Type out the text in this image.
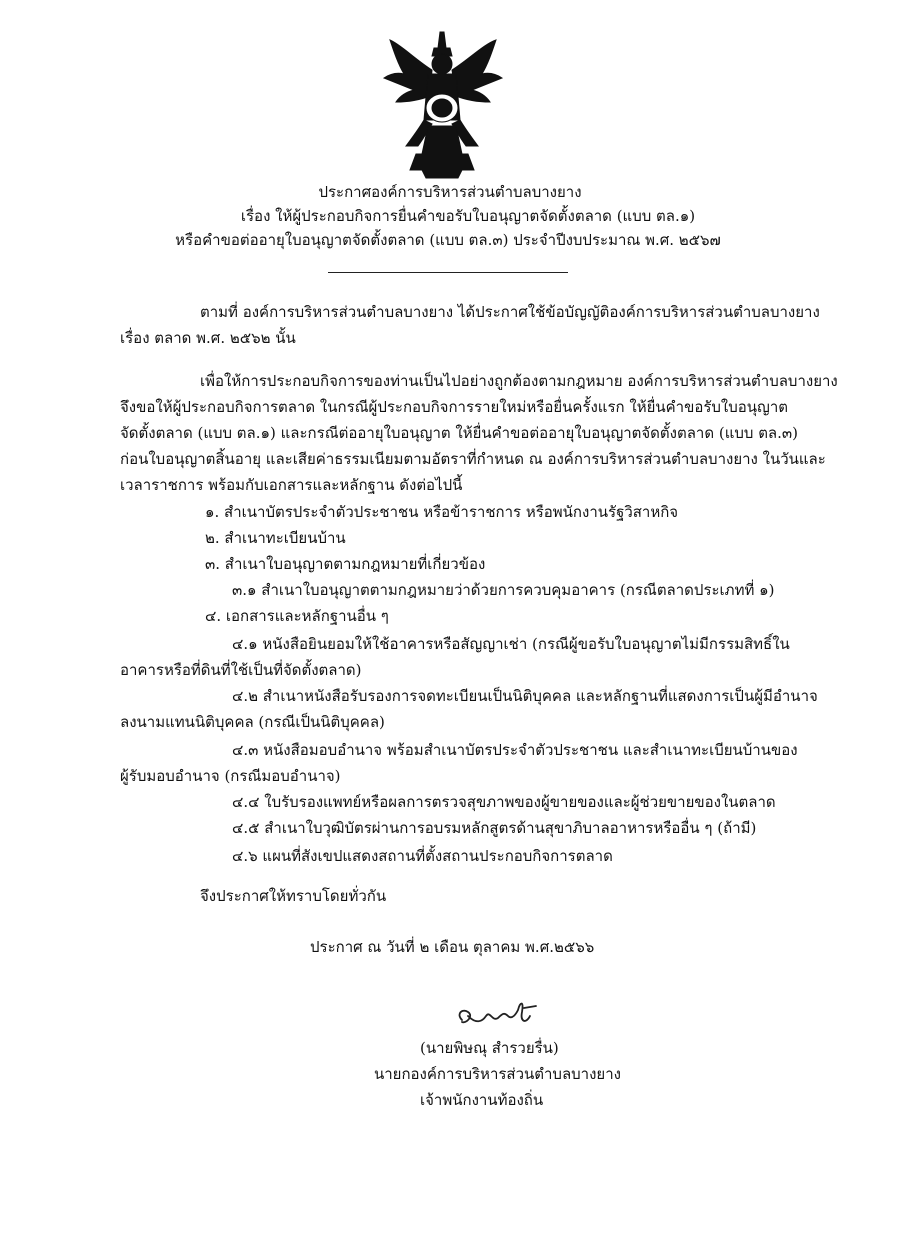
ประกาศองค์การบริหารส่วนตำบลบางยาง
เรื่อง ให้ผู้ประกอบกิจการยื่นคำขอรับใบอนุญาตจัดตั้งตลาด (แบบ ตล.๑)
หรือคำขอต่ออายุใบอนุญาตจัดตั้งตลาด (แบบ ตล.๓) ประจำปีงบประมาณ พ.ศ. ๒๕๖๗
ตามที่ องค์การบริหารส่วนตำบลบางยาง ได้ประกาศใช้ข้อบัญญัติองค์การบริหารส่วนตำบลบางยาง
เรื่อง ตลาด พ.ศ. ๒๕๖๒ นั้น
เพื่อให้การประกอบกิจการของท่านเป็นไปอย่างถูกต้องตามกฎหมาย องค์การบริหารส่วนตำบลบางยาง
จึงขอให้ผู้ประกอบกิจการตลาด ในกรณีผู้ประกอบกิจการรายใหม่หรือยื่นครั้งแรก ให้ยื่นคำขอรับใบอนุญาต
จัดตั้งตลาด (แบบ ตล.๑) และกรณีต่ออายุใบอนุญาต ให้ยื่นคำขอต่ออายุใบอนุญาตจัดตั้งตลาด (แบบ ตล.๓)
ก่อนใบอนุญาตสิ้นอายุ และเสียค่าธรรมเนียมตามอัตราที่กำหนด ณ องค์การบริหารส่วนตำบลบางยาง ในวันและ
เวลาราชการ พร้อมกับเอกสารและหลักฐาน ดังต่อไปนี้
๑. สำเนาบัตรประจำตัวประชาชน หรือข้าราชการ หรือพนักงานรัฐวิสาหกิจ
๒. สำเนาทะเบียนบ้าน
๓. สำเนาใบอนุญาตตามกฎหมายที่เกี่ยวข้อง
๓.๑ สำเนาใบอนุญาตตามกฎหมายว่าด้วยการควบคุมอาคาร (กรณีตลาดประเภทที่ ๑)
๔. เอกสารและหลักฐานอื่น ๆ
๔.๑ หนังสือยินยอมให้ใช้อาคารหรือสัญญาเช่า (กรณีผู้ขอรับใบอนุญาตไม่มีกรรมสิทธิ์ใน
อาคารหรือที่ดินที่ใช้เป็นที่จัดตั้งตลาด)
๔.๒ สำเนาหนังสือรับรองการจดทะเบียนเป็นนิติบุคคล และหลักฐานที่แสดงการเป็นผู้มีอำนาจ
ลงนามแทนนิติบุคคล (กรณีเป็นนิติบุคคล)
๔.๓ หนังสือมอบอำนาจ พร้อมสำเนาบัตรประจำตัวประชาชน และสำเนาทะเบียนบ้านของ
ผู้รับมอบอำนาจ (กรณีมอบอำนาจ)
๔.๔ ใบรับรองแพทย์หรือผลการตรวจสุขภาพของผู้ขายของและผู้ช่วยขายของในตลาด
๔.๕ สำเนาใบวุฒิบัตรผ่านการอบรมหลักสูตรด้านสุขาภิบาลอาหารหรืออื่น ๆ (ถ้ามี)
๔.๖ แผนที่สังเขปแสดงสถานที่ตั้งสถานประกอบกิจการตลาด
จึงประกาศให้ทราบโดยทั่วกัน
ประกาศ ณ วันที่ ๒ เดือน ตุลาคม พ.ศ.๒๕๖๖
(นายพิษณุ สำรวยรื่น)
นายกองค์การบริหารส่วนตำบลบางยาง
เจ้าพนักงานท้องถิ่น
